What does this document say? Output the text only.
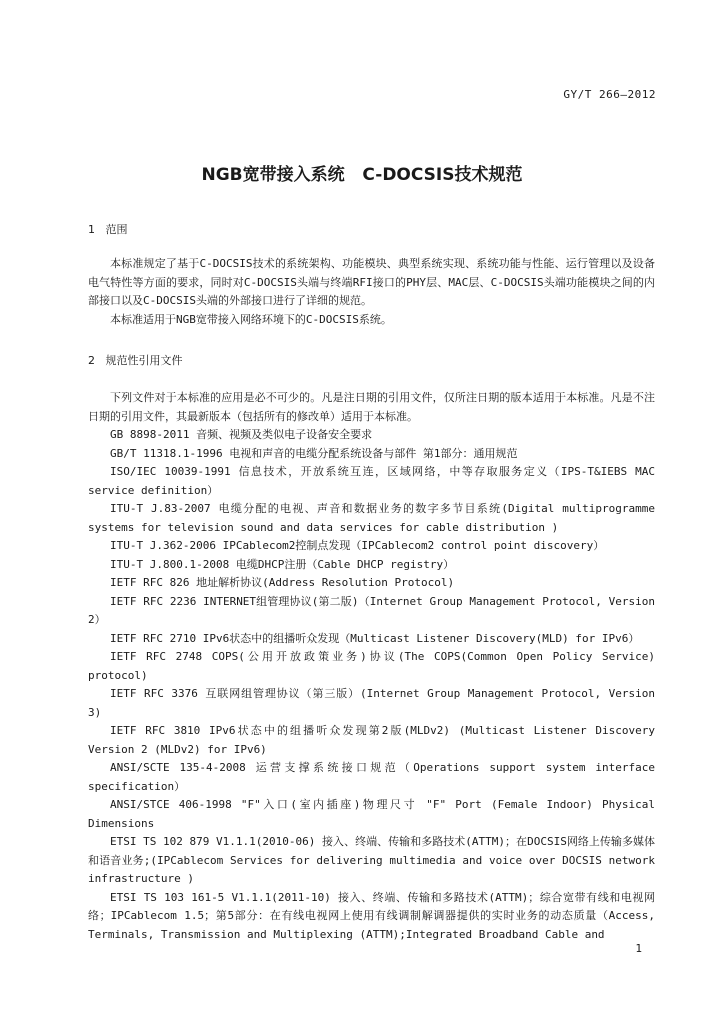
GY/T 266—2012
NGB宽带接入系统   C-DOCSIS技术规范
1   范围

本标准规定了基于C-DOCSIS技术的系统架构、功能模块、典型系统实现、系统功能与性能、运行管理以及设备电气特性等方面的要求，同时对C-DOCSIS头端与终端RFI接口的PHY层、MAC层、C-DOCSIS头端功能模块之间的内部接口以及C-DOCSIS头端的外部接口进行了详细的规范。

本标准适用于NGB宽带接入网络环境下的C-DOCSIS系统。

2   规范性引用文件

下列文件对于本标准的应用是必不可少的。凡是注日期的引用文件，仅所注日期的版本适用于本标准。凡是不注日期的引用文件，其最新版本（包括所有的修改单）适用于本标准。

GB 8898-2011 音频、视频及类似电子设备安全要求

GB/T 11318.1-1996 电视和声音的电缆分配系统设备与部件 第1部分：通用规范

ISO/IEC 10039-1991 信息技术，开放系统互连，区域网络，中等存取服务定义（IPS-T&IEBS MAC service definition）

ITU-T J.83-2007 电缆分配的电视、声音和数据业务的数字多节目系统(Digital multiprogramme systems for television sound and data services for cable distribution )

ITU-T J.362-2006 IPCablecom2控制点发现（IPCablecom2 control point discovery）

ITU-T J.800.1-2008 电缆DHCP注册（Cable DHCP registry）

IETF RFC 826 地址解析协议(Address Resolution Protocol)

IETF RFC 2236 INTERNET组管理协议(第二版)（Internet Group Management Protocol, Version 2）

IETF RFC 2710 IPv6状态中的组播听众发现（Multicast Listener Discovery(MLD) for IPv6）

IETF RFC 2748 COPS(公用开放政策业务)协议(The COPS(Common Open Policy Service) protocol)

IETF RFC 3376 互联网组管理协议（第三版）(Internet Group Management Protocol, Version 3)

IETF RFC 3810 IPv6状态中的组播听众发现第2版(MLDv2) (Multicast Listener Discovery Version 2 (MLDv2) for IPv6)

ANSI/SCTE 135-4-2008 运营支撑系统接口规范（Operations support system interface specification）

ANSI/STCE 406-1998 "F"入口(室内插座)物理尺寸 "F" Port (Female Indoor) Physical Dimensions

ETSI TS 102 879 V1.1.1(2010-06) 接入、终端、传输和多路技术(ATTM)；在DOCSIS网络上传输多媒体和语音业务;(IPCablecom Services for delivering multimedia and voice over DOCSIS network infrastructure )

ETSI TS 103 161-5 V1.1.1(2011-10) 接入、终端、传输和多路技术(ATTM)；综合宽带有线和电视网络；IPCablecom 1.5；第5部分：在有线电视网上使用有线调制解调器提供的实时业务的动态质量（Access, Terminals, Transmission and Multiplexing (ATTM);Integrated Broadband Cable and

1
